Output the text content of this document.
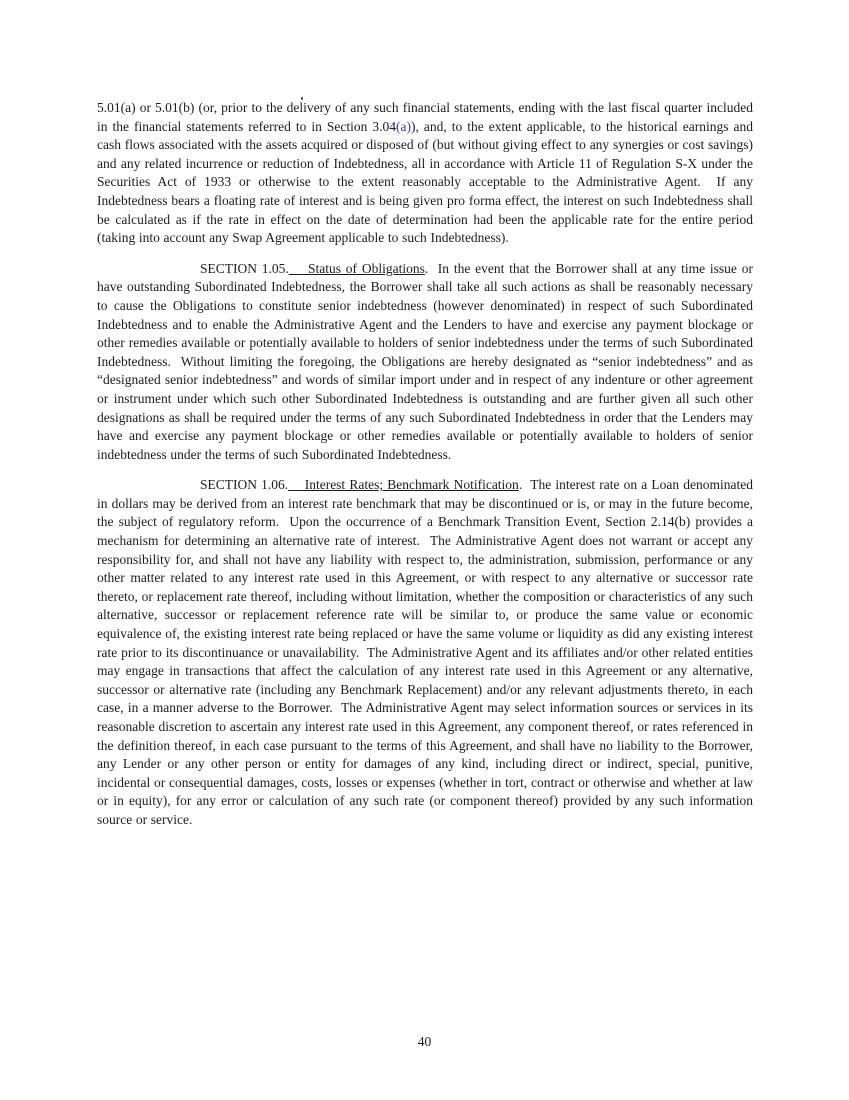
5.01(a) or 5.01(b) (or, prior to the delivery of any such financial statements, ending with the last fiscal quarter included in the financial statements referred to in Section 3.04(a)), and, to the extent applicable, to the historical earnings and cash flows associated with the assets acquired or disposed of (but without giving effect to any synergies or cost savings) and any related incurrence or reduction of Indebtedness, all in accordance with Article 11 of Regulation S-X under the Securities Act of 1933 or otherwise to the extent reasonably acceptable to the Administrative Agent.  If any Indebtedness bears a floating rate of interest and is being given pro forma effect, the interest on such Indebtedness shall be calculated as if the rate in effect on the date of determination had been the applicable rate for the entire period (taking into account any Swap Agreement applicable to such Indebtedness).

SECTION 1.05.    Status of Obligations.  In the event that the Borrower shall at any time issue or have outstanding Subordinated Indebtedness, the Borrower shall take all such actions as shall be reasonably necessary to cause the Obligations to constitute senior indebtedness (however denominated) in respect of such Subordinated Indebtedness and to enable the Administrative Agent and the Lenders to have and exercise any payment blockage or other remedies available or potentially available to holders of senior indebtedness under the terms of such Subordinated Indebtedness.  Without limiting the foregoing, the Obligations are hereby designated as “senior indebtedness” and as “designated senior indebtedness” and words of similar import under and in respect of any indenture or other agreement or instrument under which such other Subordinated Indebtedness is outstanding and are further given all such other designations as shall be required under the terms of any such Subordinated Indebtedness in order that the Lenders may have and exercise any payment blockage or other remedies available or potentially available to holders of senior indebtedness under the terms of such Subordinated Indebtedness.

SECTION 1.06.    Interest Rates; Benchmark Notification.  The interest rate on a Loan denominated in dollars may be derived from an interest rate benchmark that may be discontinued or is, or may in the future become, the subject of regulatory reform.  Upon the occurrence of a Benchmark Transition Event, Section 2.14(b) provides a mechanism for determining an alternative rate of interest.  The Administrative Agent does not warrant or accept any responsibility for, and shall not have any liability with respect to, the administration, submission, performance or any other matter related to any interest rate used in this Agreement, or with respect to any alternative or successor rate thereto, or replacement rate thereof, including without limitation, whether the composition or characteristics of any such alternative, successor or replacement reference rate will be similar to, or produce the same value or economic equivalence of, the existing interest rate being replaced or have the same volume or liquidity as did any existing interest rate prior to its discontinuance or unavailability.  The Administrative Agent and its affiliates and/or other related entities may engage in transactions that affect the calculation of any interest rate used in this Agreement or any alternative, successor or alternative rate (including any Benchmark Replacement) and/or any relevant adjustments thereto, in each case, in a manner adverse to the Borrower.  The Administrative Agent may select information sources or services in its reasonable discretion to ascertain any interest rate used in this Agreement, any component thereof, or rates referenced in the definition thereof, in each case pursuant to the terms of this Agreement, and shall have no liability to the Borrower, any Lender or any other person or entity for damages of any kind, including direct or indirect, special, punitive, incidental or consequential damages, costs, losses or expenses (whether in tort, contract or otherwise and whether at law or in equity), for any error or calculation of any such rate (or component thereof) provided by any such information source or service.

40
